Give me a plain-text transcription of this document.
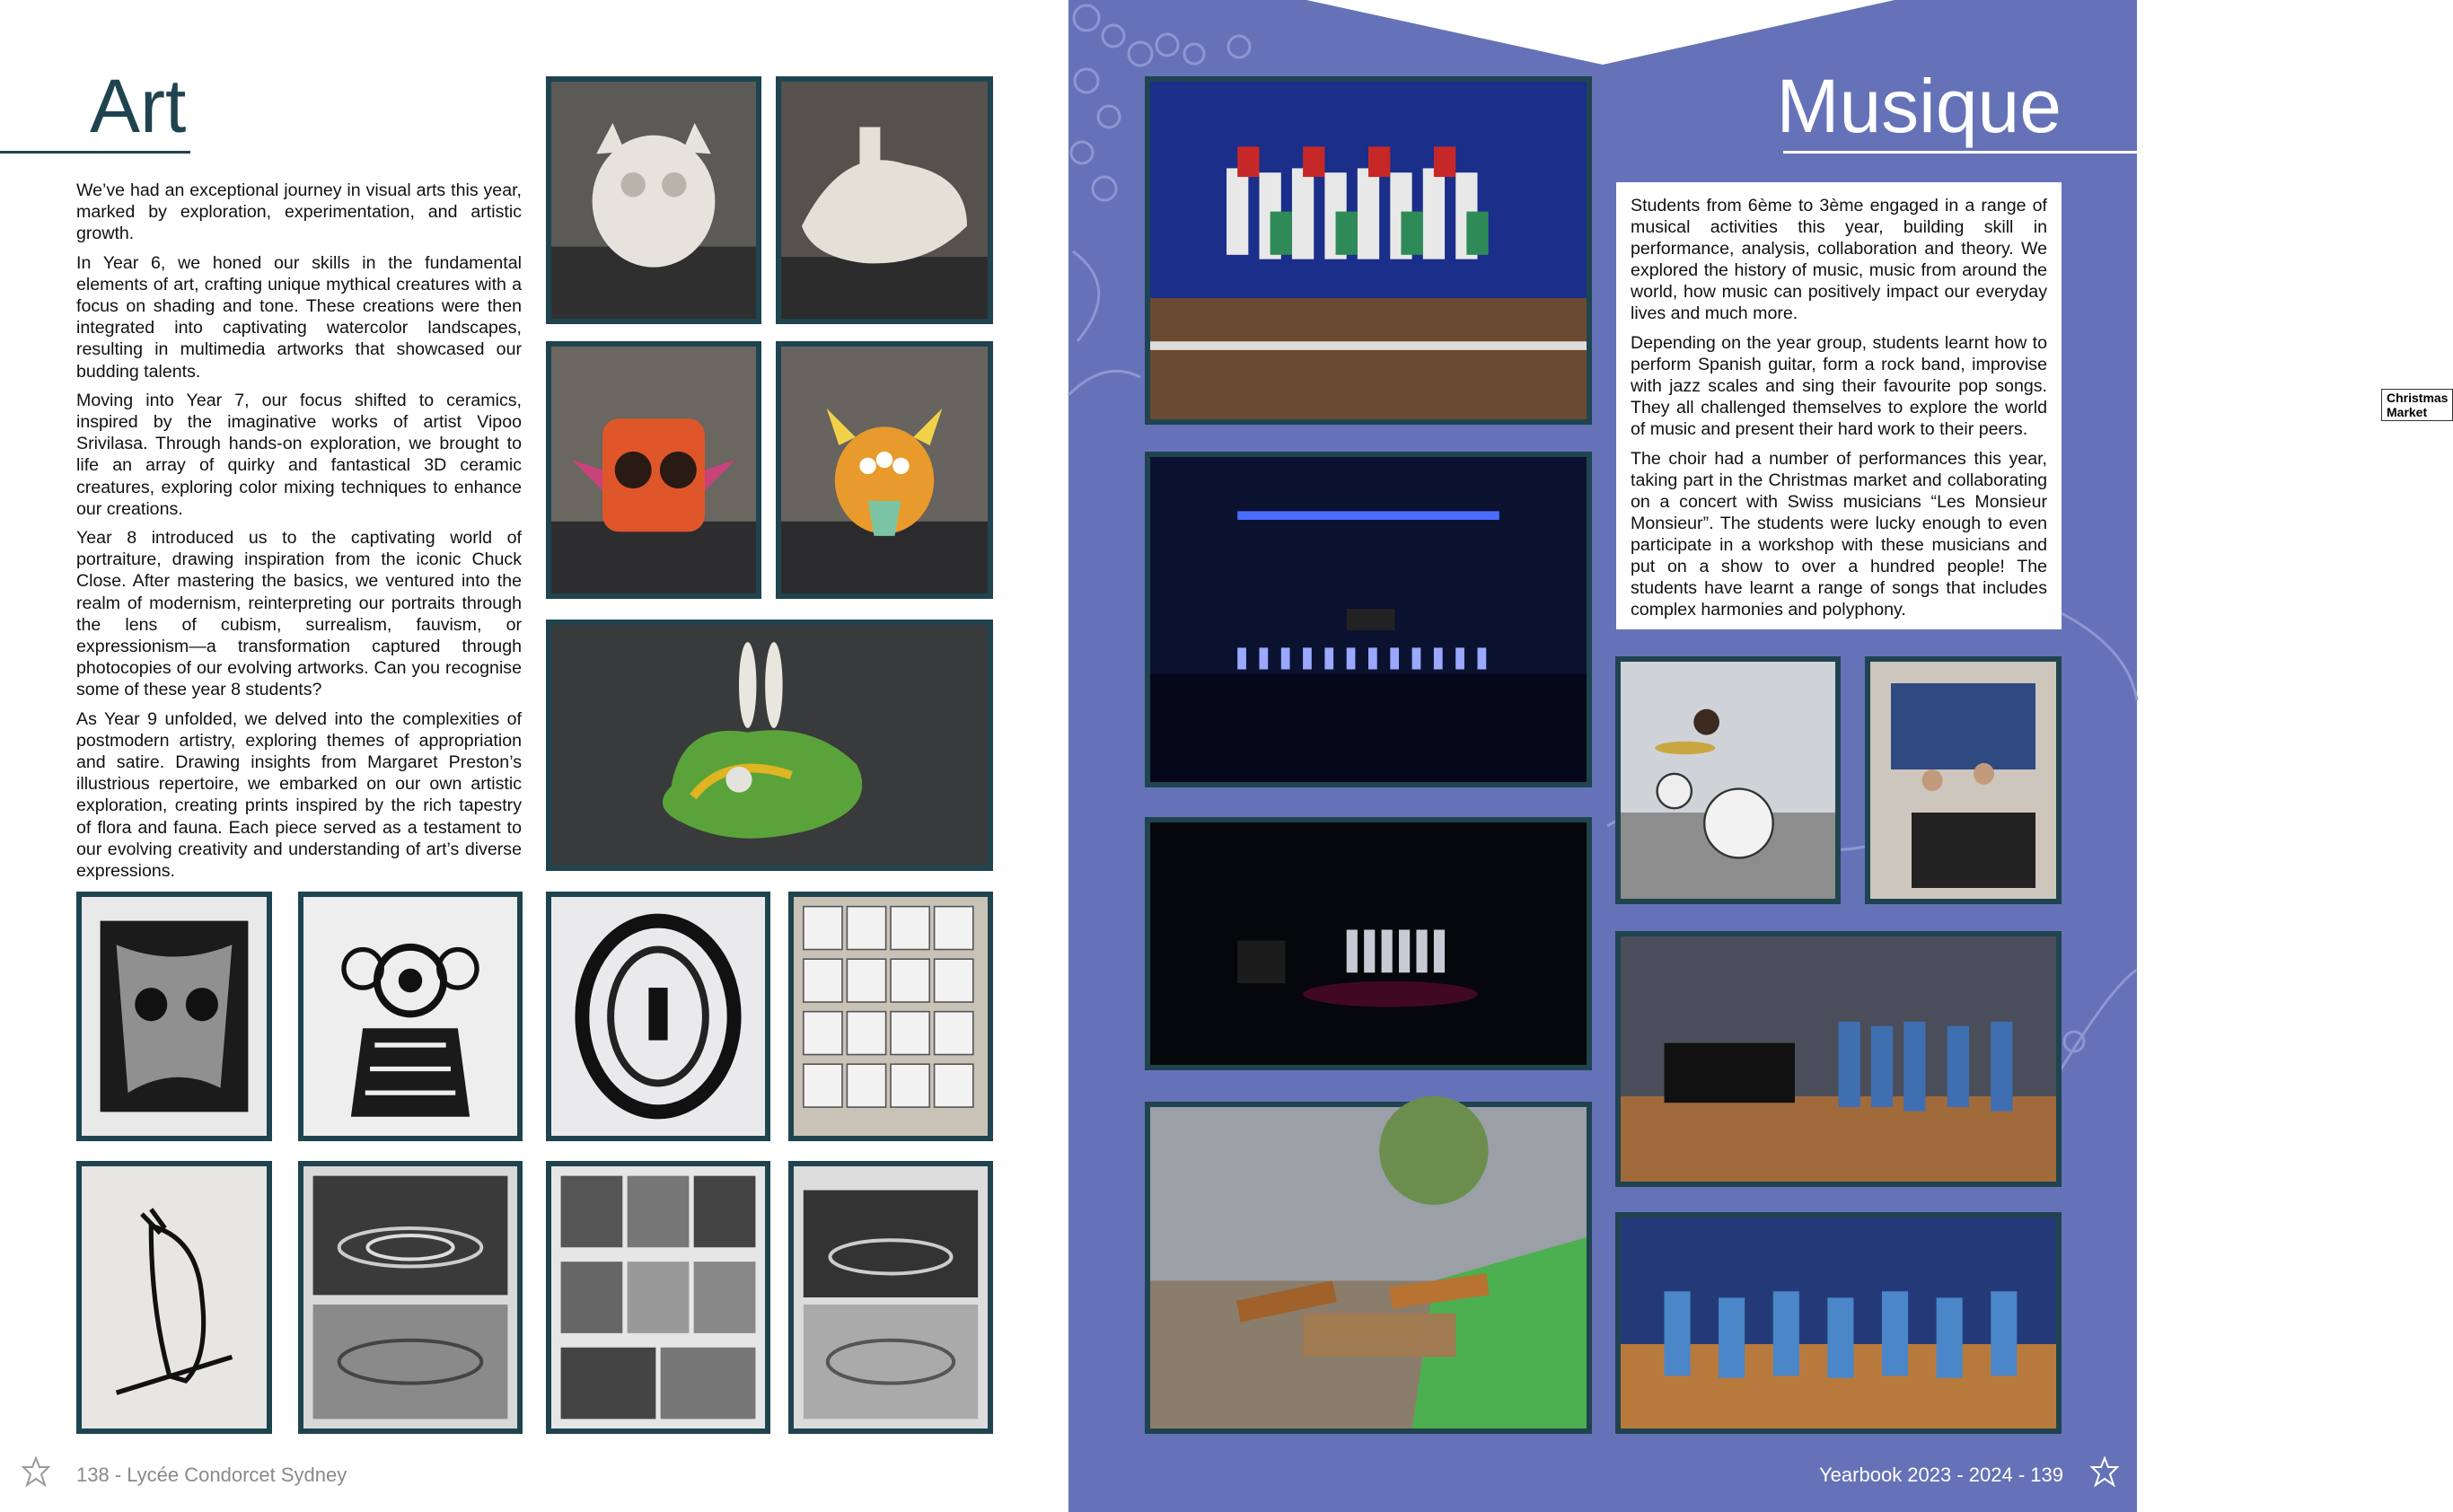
Art

We’ve had an exceptional journey in visual arts this year, marked by exploration, experimentation, and artistic growth.

In Year 6, we honed our skills in the fundamental elements of art, crafting unique mythical creatures with a focus on shading and tone. These creations were then integrated into captivating watercolor landscapes, resulting in multimedia artworks that showcased our budding talents.

Moving into Year 7, our focus shifted to ceramics, inspired by the imaginative works of artist Vipoo Srivilasa. Through hands-on exploration, we brought to life an array of quirky and fantastical 3D ceramic creatures, exploring color mixing techniques to enhance our creations.

Year 8 introduced us to the captivating world of portraiture, drawing inspiration from the iconic Chuck Close. After mastering the basics, we ventured into the realm of modernism, reinterpreting our portraits through the lens of cubism, surrealism, fauvism, or expressionism—a transformation captured through photocopies of our evolving artworks. Can you recognise some of these year 8 students?

As Year 9 unfolded, we delved into the complexities of postmodern artistry, exploring themes of appropriation and satire. Drawing insights from Margaret Preston’s illustrious repertoire, we embarked on our own artistic exploration, creating prints inspired by the rich tapestry of flora and fauna. Each piece served as a testament to our evolving creativity and understanding of art’s diverse expressions.

138 - Lycée Condorcet Sydney
Musique

Students from 6ème to 3ème engaged in a range of musical activities this year, building skill in performance, analysis, collaboration and theory. We explored the history of music, music from around the world, how music can positively impact our everyday lives and much more.

Depending on the year group, students learnt how to perform Spanish guitar, form a rock band, improvise with jazz scales and sing their favourite pop songs. They all challenged themselves to explore the world of music and present their hard work to their peers.

The choir had a number of performances this year, taking part in the Christmas market and collaborating on a concert with Swiss musicians “Les Monsieur Monsieur”. The students were lucky enough to even participate in a workshop with these musicians and put on a show to over a hundred people! The students have learnt a range of songs that includes complex harmonies and polyphony.

Christmas Market
Yearbook 2023 - 2024 - 139
